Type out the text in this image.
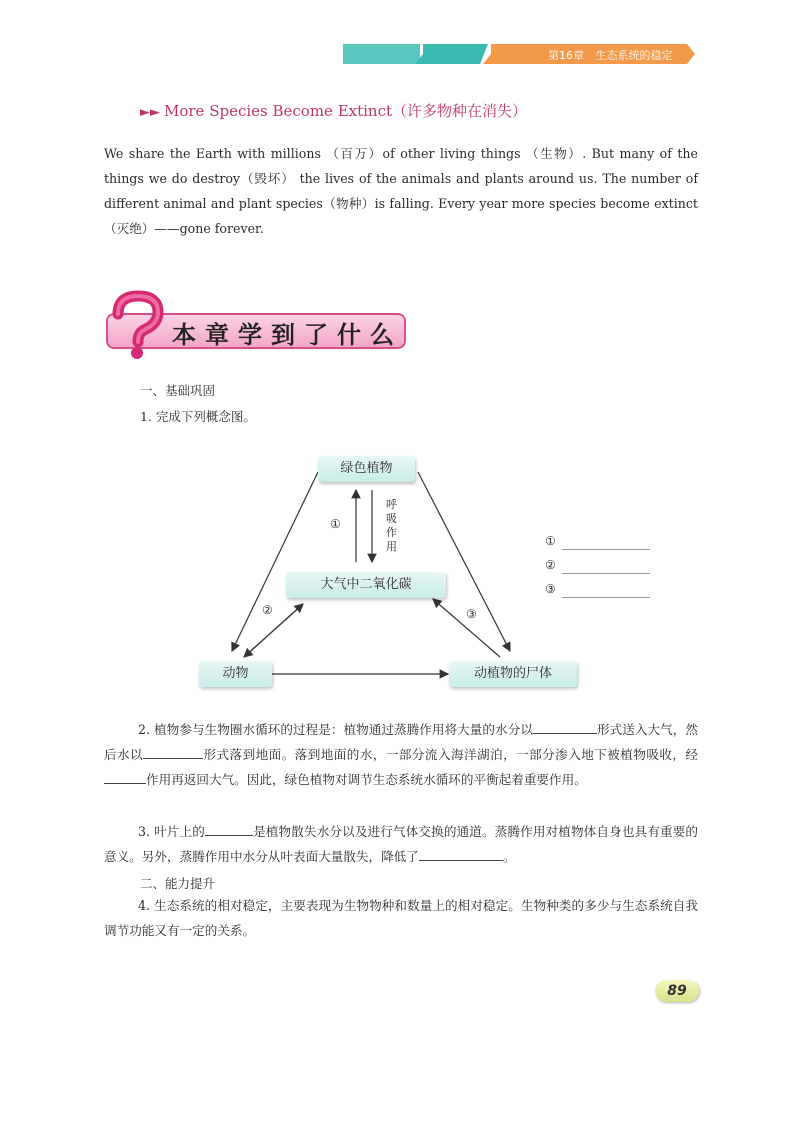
第16章 生态系统的稳定
►► More Species Become Extinct（许多物种在消失）
We share the Earth with millions （百万）of other living things （生物）. But many of the things we do destroy（毁坏） the lives of the animals and plants around us. The number of different animal and plant species（物种）is falling. Every year more species become extinct（灭绝）——gone forever.
本章学到了什么
一、基础巩固
1. 完成下列概念图。
绿色植物
大气中二氧化碳
动物	动植物的尸体
①
呼吸作用
②	③
①
②
③
2. 植物参与生物圈水循环的过程是：植物通过蒸腾作用将大量的水分以	形式送入大气，然后水以	形式落到地面。落到地面的水，一部分流入海洋湖泊，一部分渗入地下被植物吸收，经作用再返回大气。因此，绿色植物对调节生态系统水循环的平衡起着重要作用。
3. 叶片上的	是植物散失水分以及进行气体交换的通道。蒸腾作用对植物体自身也具有重要的意义。另外，蒸腾作用中水分从叶表面大量散失，降低了	。
二、能力提升
4. 生态系统的相对稳定，主要表现为生物物种和数量上的相对稳定。生物种类的多少与生态系统自我调节功能又有一定的关系。
89
